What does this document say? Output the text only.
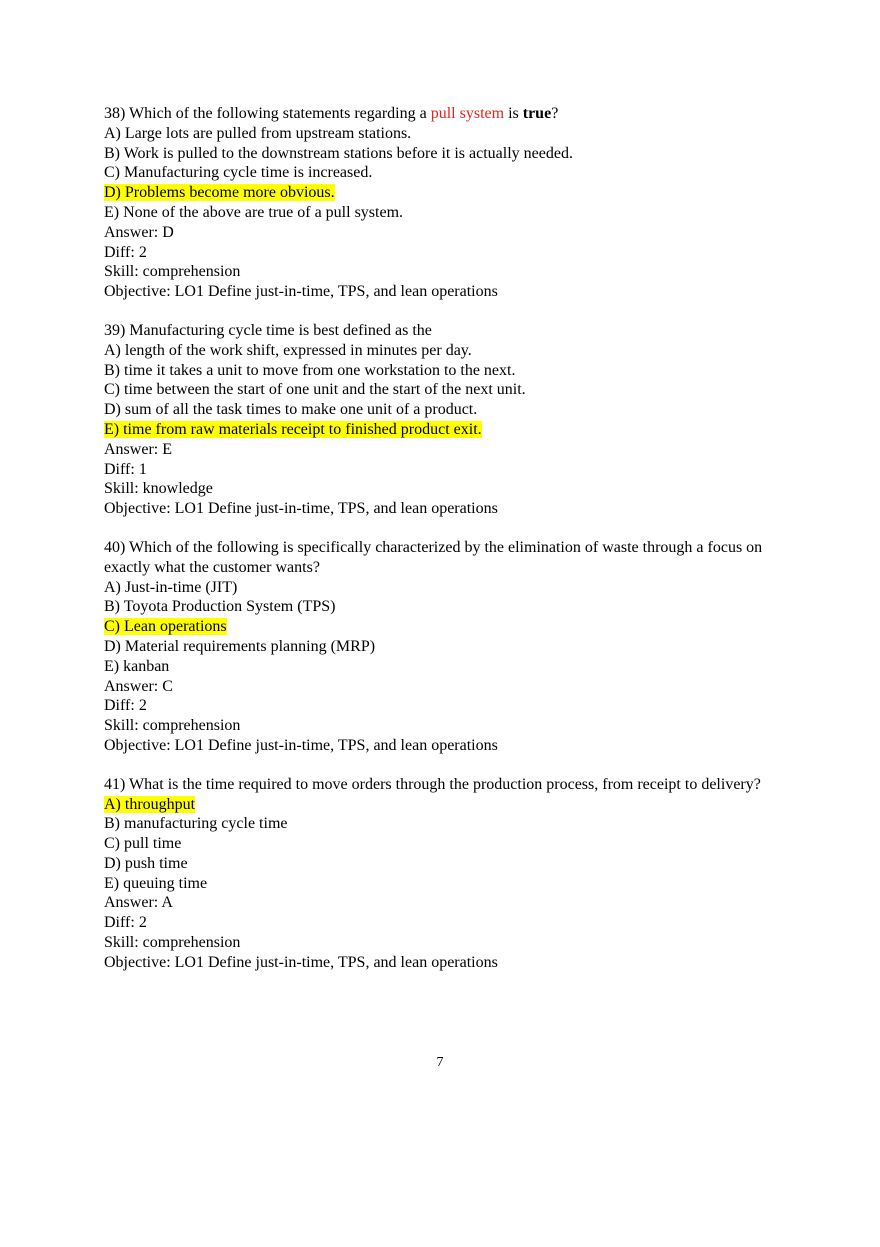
38) Which of the following statements regarding a pull system is true?
A) Large lots are pulled from upstream stations.
B) Work is pulled to the downstream stations before it is actually needed.
C) Manufacturing cycle time is increased.
D) Problems become more obvious.
E) None of the above are true of a pull system.
Answer: D
Diff: 2
Skill: comprehension
Objective: LO1 Define just-in-time, TPS, and lean operations
39) Manufacturing cycle time is best defined as the
A) length of the work shift, expressed in minutes per day.
B) time it takes a unit to move from one workstation to the next.
C) time between the start of one unit and the start of the next unit.
D) sum of all the task times to make one unit of a product.
E) time from raw materials receipt to finished product exit.
Answer: E
Diff: 1
Skill: knowledge
Objective: LO1 Define just-in-time, TPS, and lean operations
40) Which of the following is specifically characterized by the elimination of waste through a focus on exactly what the customer wants?
A) Just-in-time (JIT)
B) Toyota Production System (TPS)
C) Lean operations
D) Material requirements planning (MRP)
E) kanban
Answer: C
Diff: 2
Skill: comprehension
Objective: LO1 Define just-in-time, TPS, and lean operations
41) What is the time required to move orders through the production process, from receipt to delivery?
A) throughput
B) manufacturing cycle time
C) pull time
D) push time
E) queuing time
Answer: A
Diff: 2
Skill: comprehension
Objective: LO1 Define just-in-time, TPS, and lean operations
7
